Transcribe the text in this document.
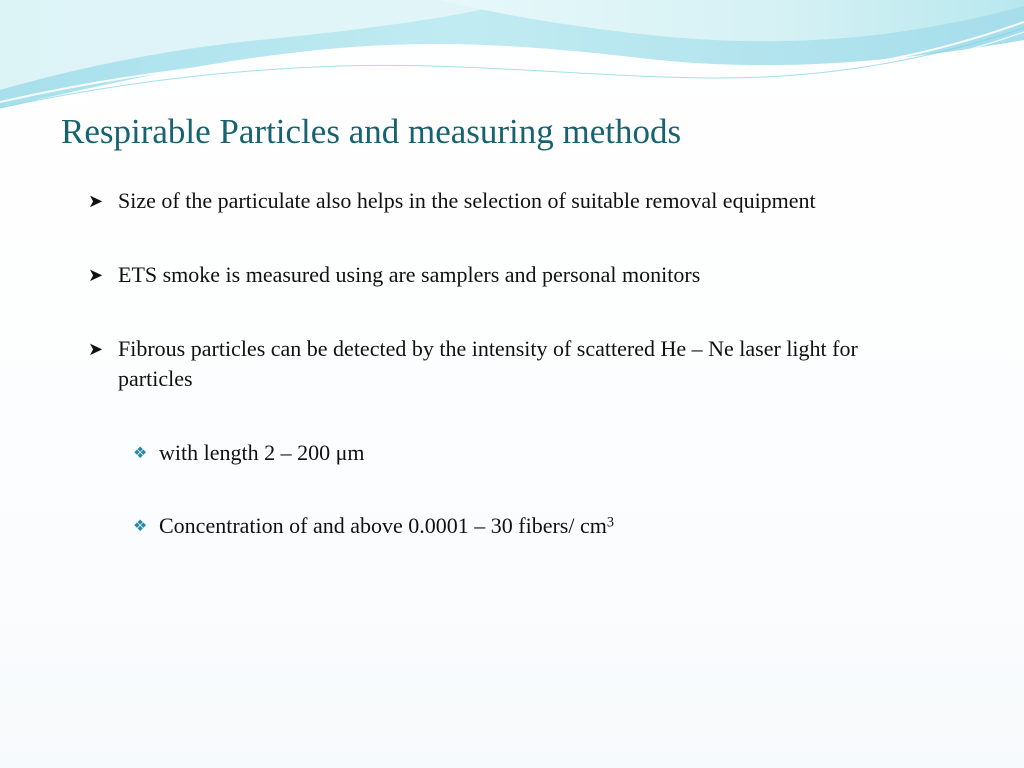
Respirable Particles and measuring methods
➤ Size of the particulate also helps in the selection of suitable removal equipment
➤ ETS smoke is measured using are samplers and personal monitors
➤ Fibrous particles can be detected by the intensity of scattered He – Ne laser light for particles
❖ with length 2 – 200 μm
❖ Concentration of and above 0.0001 – 30 fibers/ $cm^3$
